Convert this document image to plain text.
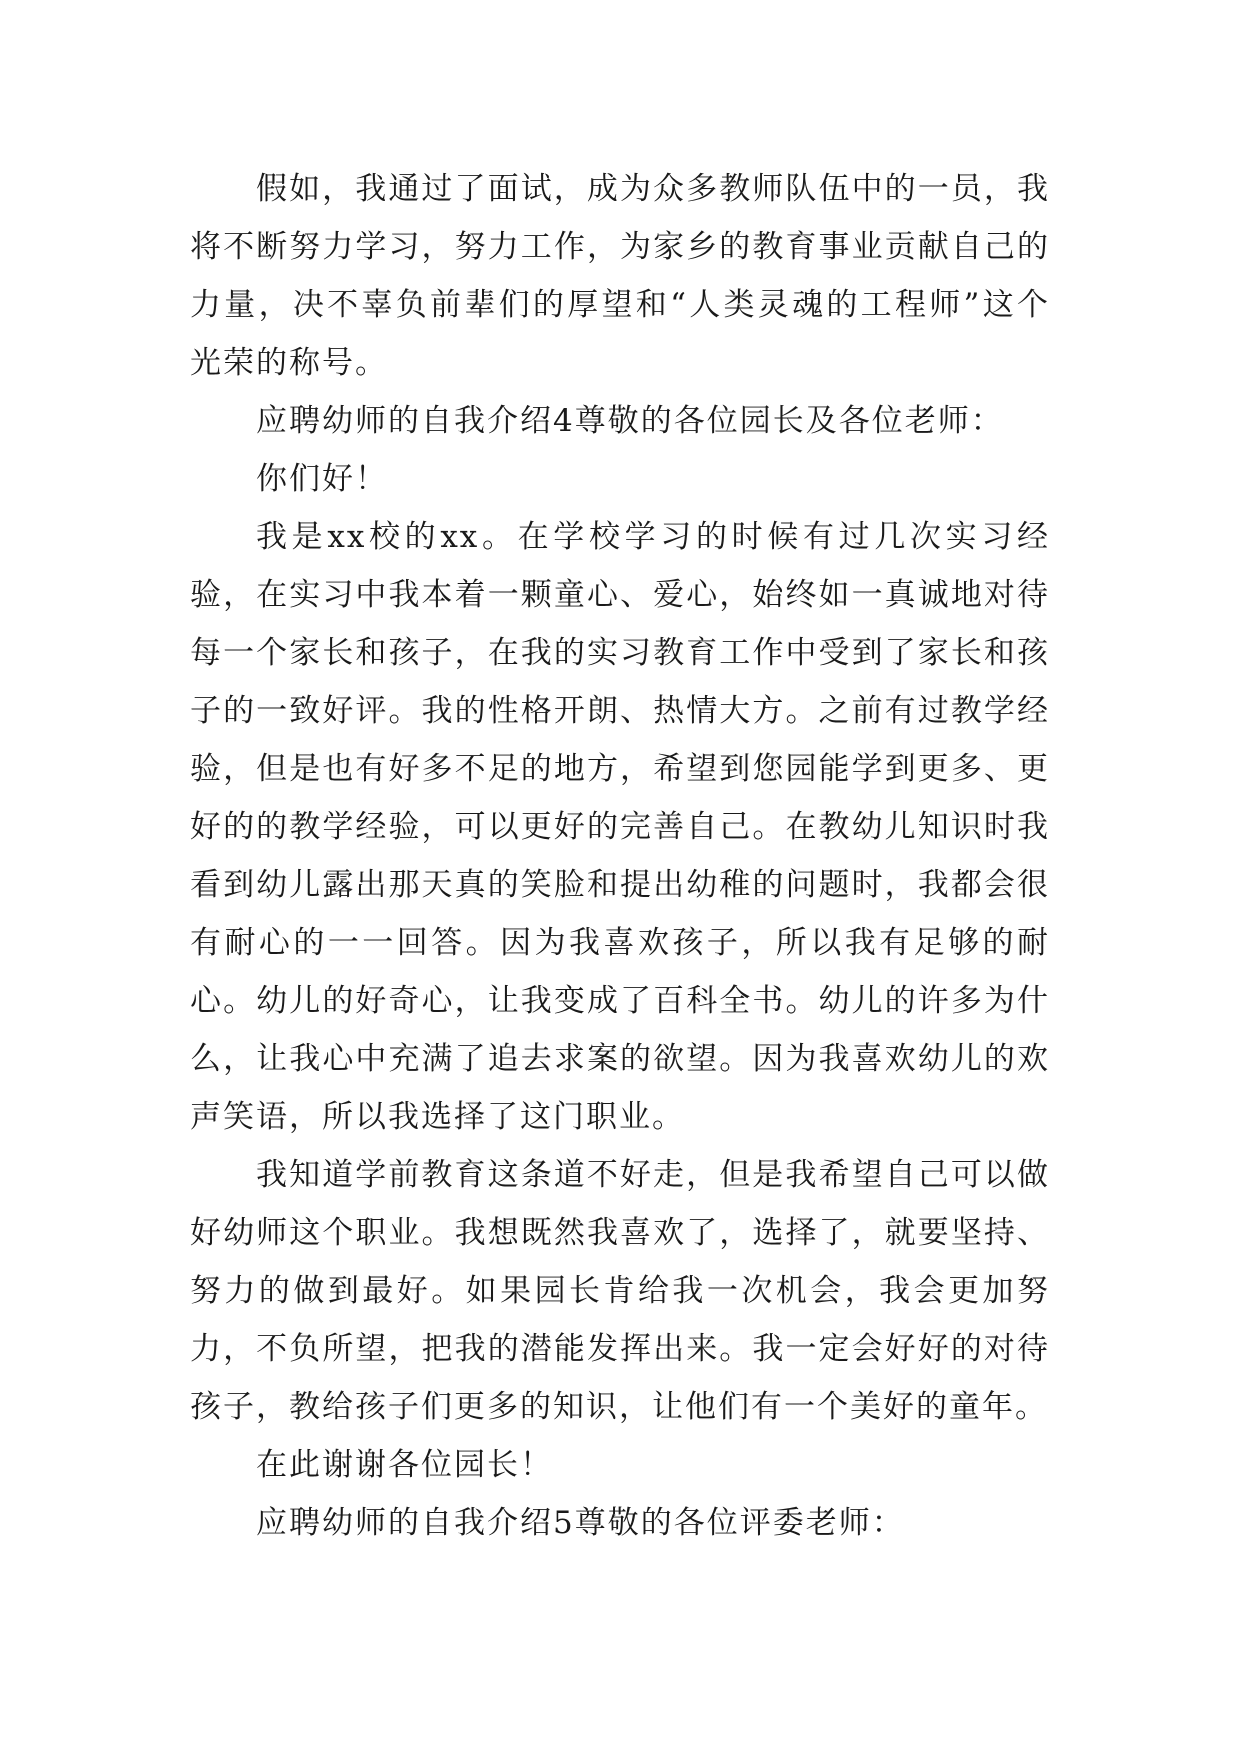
假如，我通过了面试，成为众多教师队伍中的一员，我将不断努力学习，努力工作，为家乡的教育事业贡献自己的力量，决不辜负前辈们的厚望和“人类灵魂的工程师”这个光荣的称号。

应聘幼师的自我介绍4尊敬的各位园长及各位老师：

你们好！

我是xx校的xx。在学校学习的时候有过几次实习经验，在实习中我本着一颗童心、爱心，始终如一真诚地对待每一个家长和孩子，在我的实习教育工作中受到了家长和孩子的一致好评。我的性格开朗、热情大方。之前有过教学经验，但是也有好多不足的地方，希望到您园能学到更多、更好的的教学经验，可以更好的完善自己。在教幼儿知识时我看到幼儿露出那天真的笑脸和提出幼稚的问题时，我都会很有耐心的一一回答。因为我喜欢孩子，所以我有足够的耐心。幼儿的好奇心，让我变成了百科全书。幼儿的许多为什么，让我心中充满了追去求案的欲望。因为我喜欢幼儿的欢声笑语，所以我选择了这门职业。

我知道学前教育这条道不好走，但是我希望自己可以做好幼师这个职业。我想既然我喜欢了，选择了，就要坚持、努力的做到最好。如果园长肯给我一次机会，我会更加努力，不负所望，把我的潜能发挥出来。我一定会好好的对待孩子，教给孩子们更多的知识，让他们有一个美好的童年。

在此谢谢各位园长！

应聘幼师的自我介绍5尊敬的各位评委老师：
